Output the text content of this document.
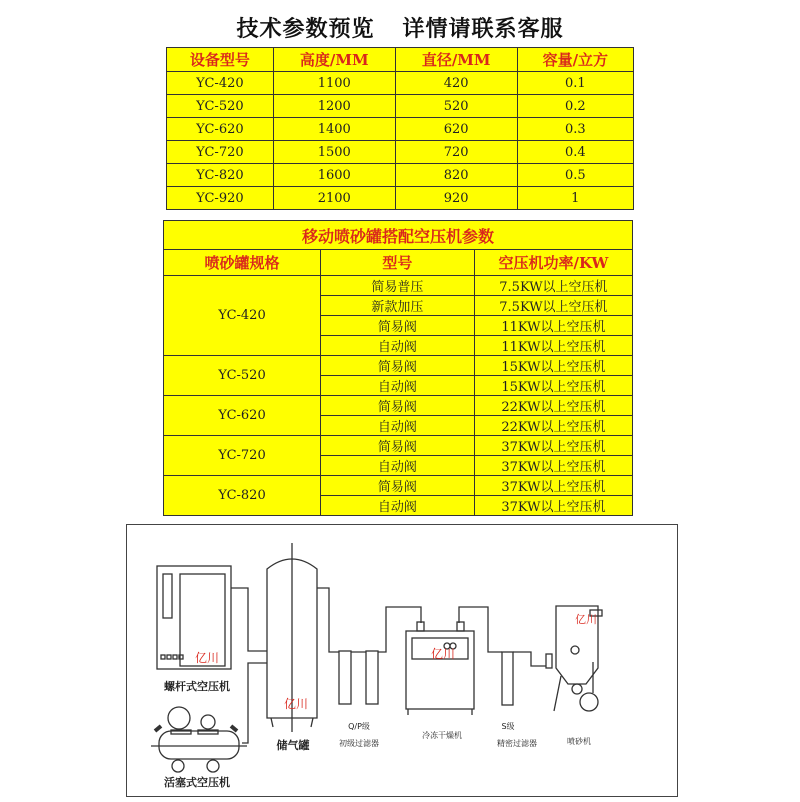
技术参数预览 详情请联系客服
设备型号	高度/MM	直径/MM	容量/立方
YC-420	1100	420	0.1
YC-520	1200	520	0.2
YC-620	1400	620	0.3
YC-720	1500	720	0.4
YC-820	1600	820	0.5
YC-920	2100	920	1
移动喷砂罐搭配空压机参数		
喷砂罐规格	型号	空压机功率/KW
YC-420	简易普压	7.5KW以上空压机
	新款加压	7.5KW以上空压机
	简易阀	11KW以上空压机
	自动阀	11KW以上空压机
YC-520	简易阀	15KW以上空压机
	自动阀	15KW以上空压机
YC-620	简易阀	22KW以上空压机
	自动阀	22KW以上空压机
YC-720	简易阀	37KW以上空压机
	自动阀	37KW以上空压机
YC-820	简易阀	37KW以上空压机
	自动阀	37KW以上空压机
亿川
亿川
亿川
亿川
螺杆式空压机
活塞式空压机
储气罐
Q/P级
初级过滤器
冷冻干燥机
S级
精密过滤器	喷砂机
